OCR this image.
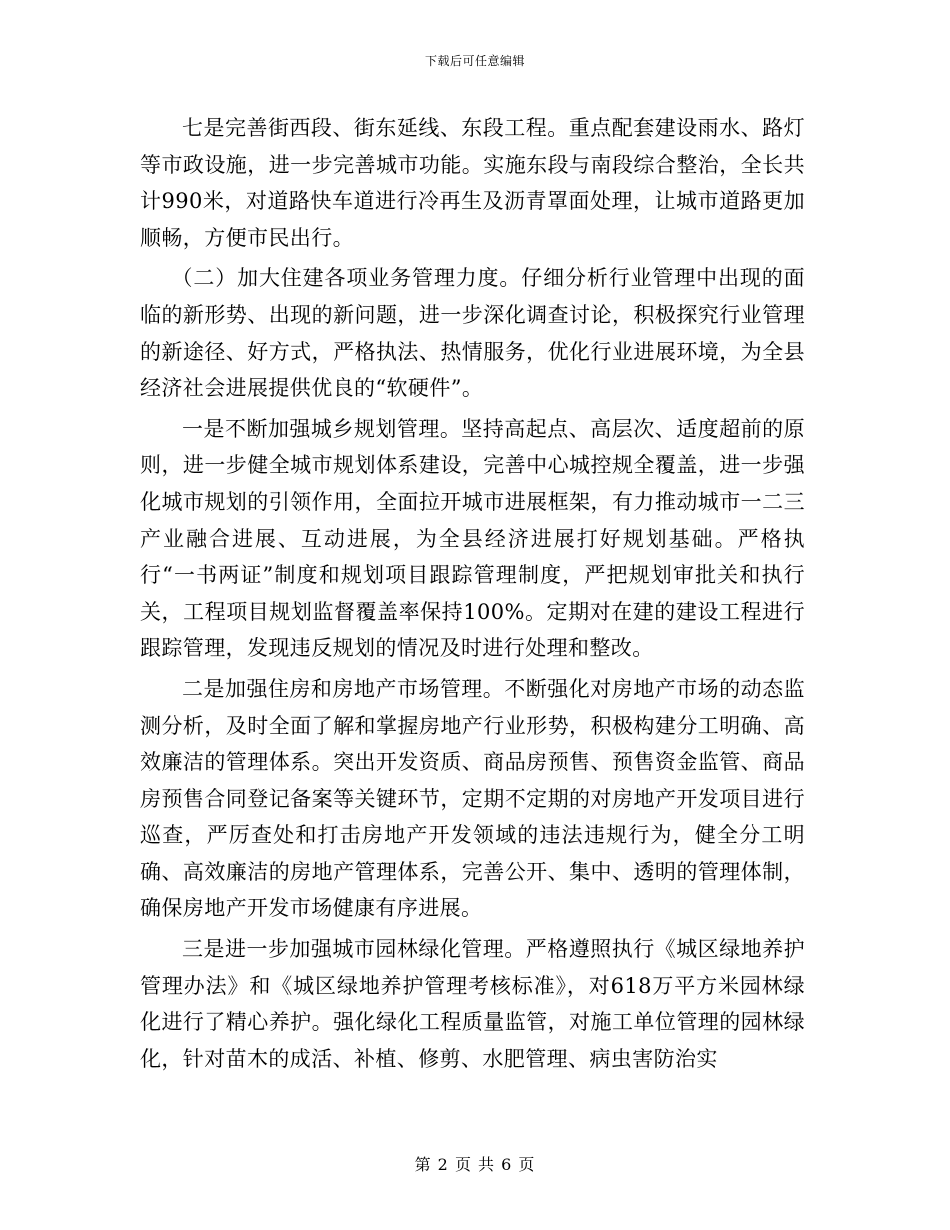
下载后可任意编辑

七是完善街西段、街东延线、东段工程。重点配套建设雨水、路灯等市政设施，进一步完善城市功能。实施东段与南段综合整治，全长共计990米，对道路快车道进行冷再生及沥青罩面处理，让城市道路更加顺畅，方便市民出行。

（二）加大住建各项业务管理力度。仔细分析行业管理中出现的面临的新形势、出现的新问题，进一步深化调查讨论，积极探究行业管理的新途径、好方式，严格执法、热情服务，优化行业进展环境，为全县经济社会进展提供优良的“软硬件”。

一是不断加强城乡规划管理。坚持高起点、高层次、适度超前的原则，进一步健全城市规划体系建设，完善中心城控规全覆盖，进一步强化城市规划的引领作用，全面拉开城市进展框架，有力推动城市一二三产业融合进展、互动进展，为全县经济进展打好规划基础。严格执行“一书两证”制度和规划项目跟踪管理制度，严把规划审批关和执行关，工程项目规划监督覆盖率保持100%。定期对在建的建设工程进行跟踪管理，发现违反规划的情况及时进行处理和整改。

二是加强住房和房地产市场管理。不断强化对房地产市场的动态监测分析，及时全面了解和掌握房地产行业形势，积极构建分工明确、高效廉洁的管理体系。突出开发资质、商品房预售、预售资金监管、商品房预售合同登记备案等关键环节，定期不定期的对房地产开发项目进行巡查，严厉查处和打击房地产开发领域的违法违规行为，健全分工明确、高效廉洁的房地产管理体系，完善公开、集中、透明的管理体制，确保房地产开发市场健康有序进展。

三是进一步加强城市园林绿化管理。严格遵照执行《城区绿地养护管理办法》和《城区绿地养护管理考核标准》，对618万平方米园林绿化进行了精心养护。强化绿化工程质量监管，对施工单位管理的园林绿化，针对苗木的成活、补植、修剪、水肥管理、病虫害防治实

第 2 页 共 6 页
